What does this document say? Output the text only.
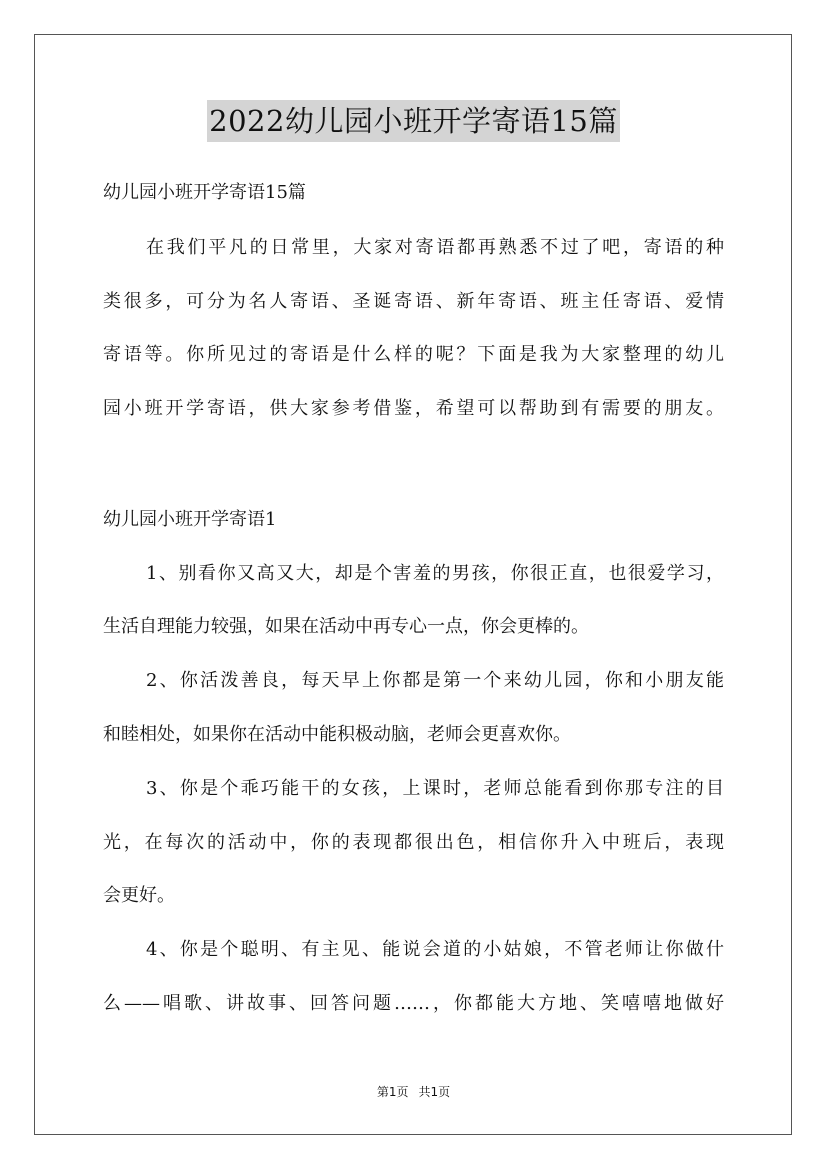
2022幼儿园小班开学寄语15篇
幼儿园小班开学寄语15篇
在我们平凡的日常里，大家对寄语都再熟悉不过了吧，寄语的种
类很多，可分为名人寄语、圣诞寄语、新年寄语、班主任寄语、爱情
寄语等。你所见过的寄语是什么样的呢？下面是我为大家整理的幼儿
园小班开学寄语，供大家参考借鉴，希望可以帮助到有需要的朋友。
幼儿园小班开学寄语1
1、别看你又高又大，却是个害羞的男孩，你很正直，也很爱学习，
生活自理能力较强，如果在活动中再专心一点，你会更棒的。
2、你活泼善良，每天早上你都是第一个来幼儿园，你和小朋友能
和睦相处，如果你在活动中能积极动脑，老师会更喜欢你。
3、你是个乖巧能干的女孩，上课时，老师总能看到你那专注的目
光，在每次的活动中，你的表现都很出色，相信你升入中班后，表现
会更好。
4、你是个聪明、有主见、能说会道的小姑娘，不管老师让你做什
么——唱歌、讲故事、回答问题……，你都能大方地、笑嘻嘻地做好
第1页 共1页
